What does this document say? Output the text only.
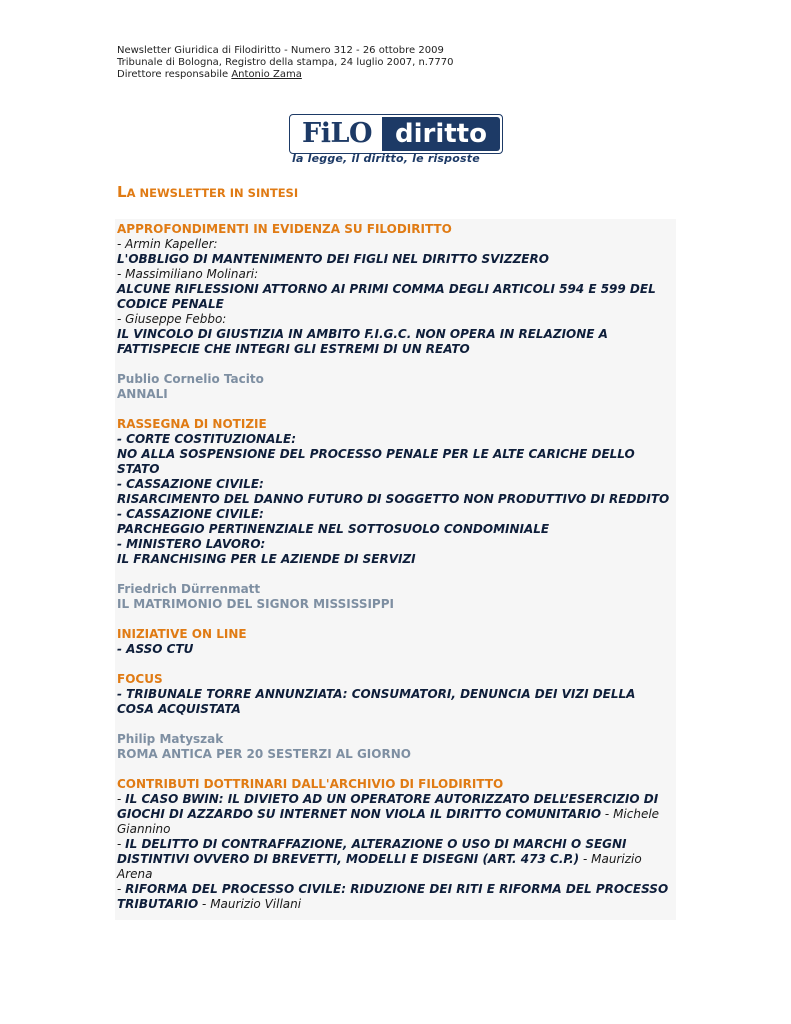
Newsletter Giuridica di Filodiritto - Numero 312 - 26 ottobre 2009
Tribunale di Bologna, Registro della stampa, 24 luglio 2007, n.7770
Direttore responsabile Antonio Zama
FiLO diritto
la legge, il diritto, le risposte
LA NEWSLETTER IN SINTESI
APPROFONDIMENTI IN EVIDENZA SU FILODIRITTO
- Armin Kapeller:
L'OBBLIGO DI MANTENIMENTO DEI FIGLI NEL DIRITTO SVIZZERO
- Massimiliano Molinari:
ALCUNE RIFLESSIONI ATTORNO AI PRIMI COMMA DEGLI ARTICOLI 594 E 599 DEL CODICE PENALE
- Giuseppe Febbo:
IL VINCOLO DI GIUSTIZIA IN AMBITO F.I.G.C. NON OPERA IN RELAZIONE A FATTISPECIE CHE INTEGRI GLI ESTREMI DI UN REATO
Publio Cornelio Tacito
ANNALI
RASSEGNA DI NOTIZIE
- CORTE COSTITUZIONALE:
NO ALLA SOSPENSIONE DEL PROCESSO PENALE PER LE ALTE CARICHE DELLO STATO
- CASSAZIONE CIVILE:
RISARCIMENTO DEL DANNO FUTURO DI SOGGETTO NON PRODUTTIVO DI REDDITO
- CASSAZIONE CIVILE:
PARCHEGGIO PERTINENZIALE NEL SOTTOSUOLO CONDOMINIALE
- MINISTERO LAVORO:
IL FRANCHISING PER LE AZIENDE DI SERVIZI
Friedrich Dürrenmatt
IL MATRIMONIO DEL SIGNOR MISSISSIPPI
INIZIATIVE ON LINE
- ASSO CTU
FOCUS
- TRIBUNALE TORRE ANNUNZIATA: CONSUMATORI, DENUNCIA DEI VIZI DELLA COSA ACQUISTATA
Philip Matyszak
ROMA ANTICA PER 20 SESTERZI AL GIORNO
CONTRIBUTI DOTTRINARI DALL'ARCHIVIO DI FILODIRITTO
- IL CASO BWIN: IL DIVIETO AD UN OPERATORE AUTORIZZATO DELL’ESERCIZIO DI GIOCHI DI AZZARDO SU INTERNET NON VIOLA IL DIRITTO COMUNITARIO - Michele Giannino
- IL DELITTO DI CONTRAFFAZIONE, ALTERAZIONE O USO DI MARCHI O SEGNI DISTINTIVI OVVERO DI BREVETTI, MODELLI E DISEGNI (ART. 473 C.P.) - Maurizio Arena
- RIFORMA DEL PROCESSO CIVILE: RIDUZIONE DEI RITI E RIFORMA DEL PROCESSO TRIBUTARIO - Maurizio Villani
